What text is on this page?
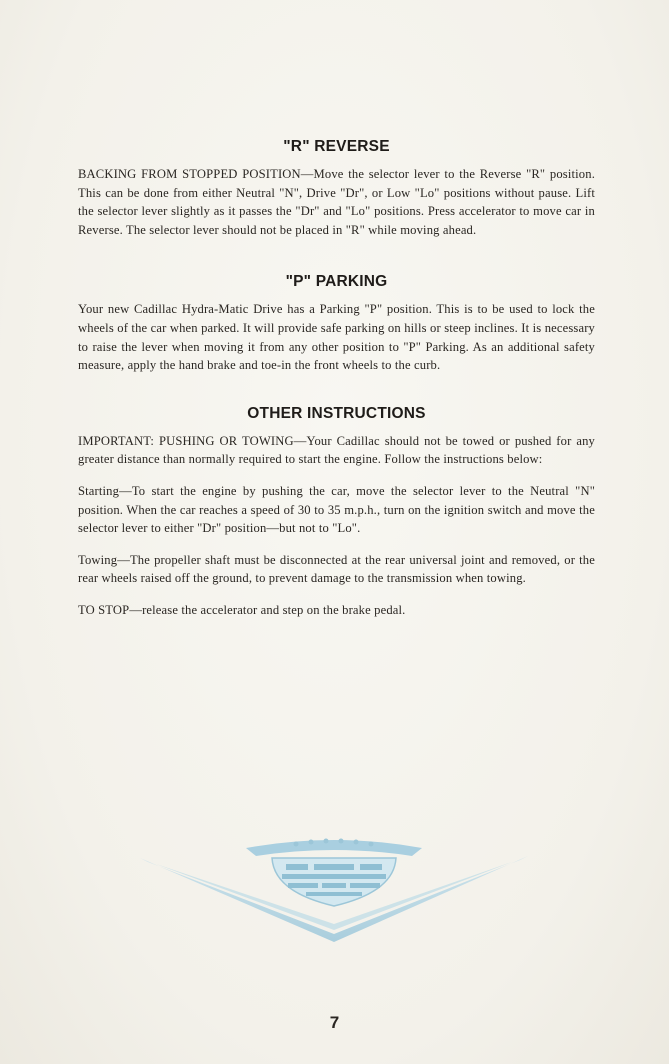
"R" REVERSE

BACKING FROM STOPPED POSITION—Move the selector lever to the Reverse "R" position. This can be done from either Neutral "N", Drive "Dr", or Low "Lo" positions without pause. Lift the selector lever slightly as it passes the "Dr" and "Lo" positions. Press accelerator to move car in Reverse. The selector lever should not be placed in "R" while moving ahead.

"P" PARKING

Your new Cadillac Hydra-Matic Drive has a Parking "P" position. This is to be used to lock the wheels of the car when parked. It will provide safe parking on hills or steep inclines. It is necessary to raise the lever when moving it from any other position to "P" Parking. As an additional safety measure, apply the hand brake and toe-in the front wheels to the curb.

OTHER INSTRUCTIONS

IMPORTANT: PUSHING OR TOWING—Your Cadillac should not be towed or pushed for any greater distance than normally required to start the engine. Follow the instructions below:

Starting—To start the engine by pushing the car, move the selector lever to the Neutral "N" position. When the car reaches a speed of 30 to 35 m.p.h., turn on the ignition switch and move the selector lever to either "Dr" position—but not to "Lo".

Towing—The propeller shaft must be disconnected at the rear universal joint and removed, or the rear wheels raised off the ground, to prevent damage to the transmission when towing.

TO STOP—release the accelerator and step on the brake pedal.

7
